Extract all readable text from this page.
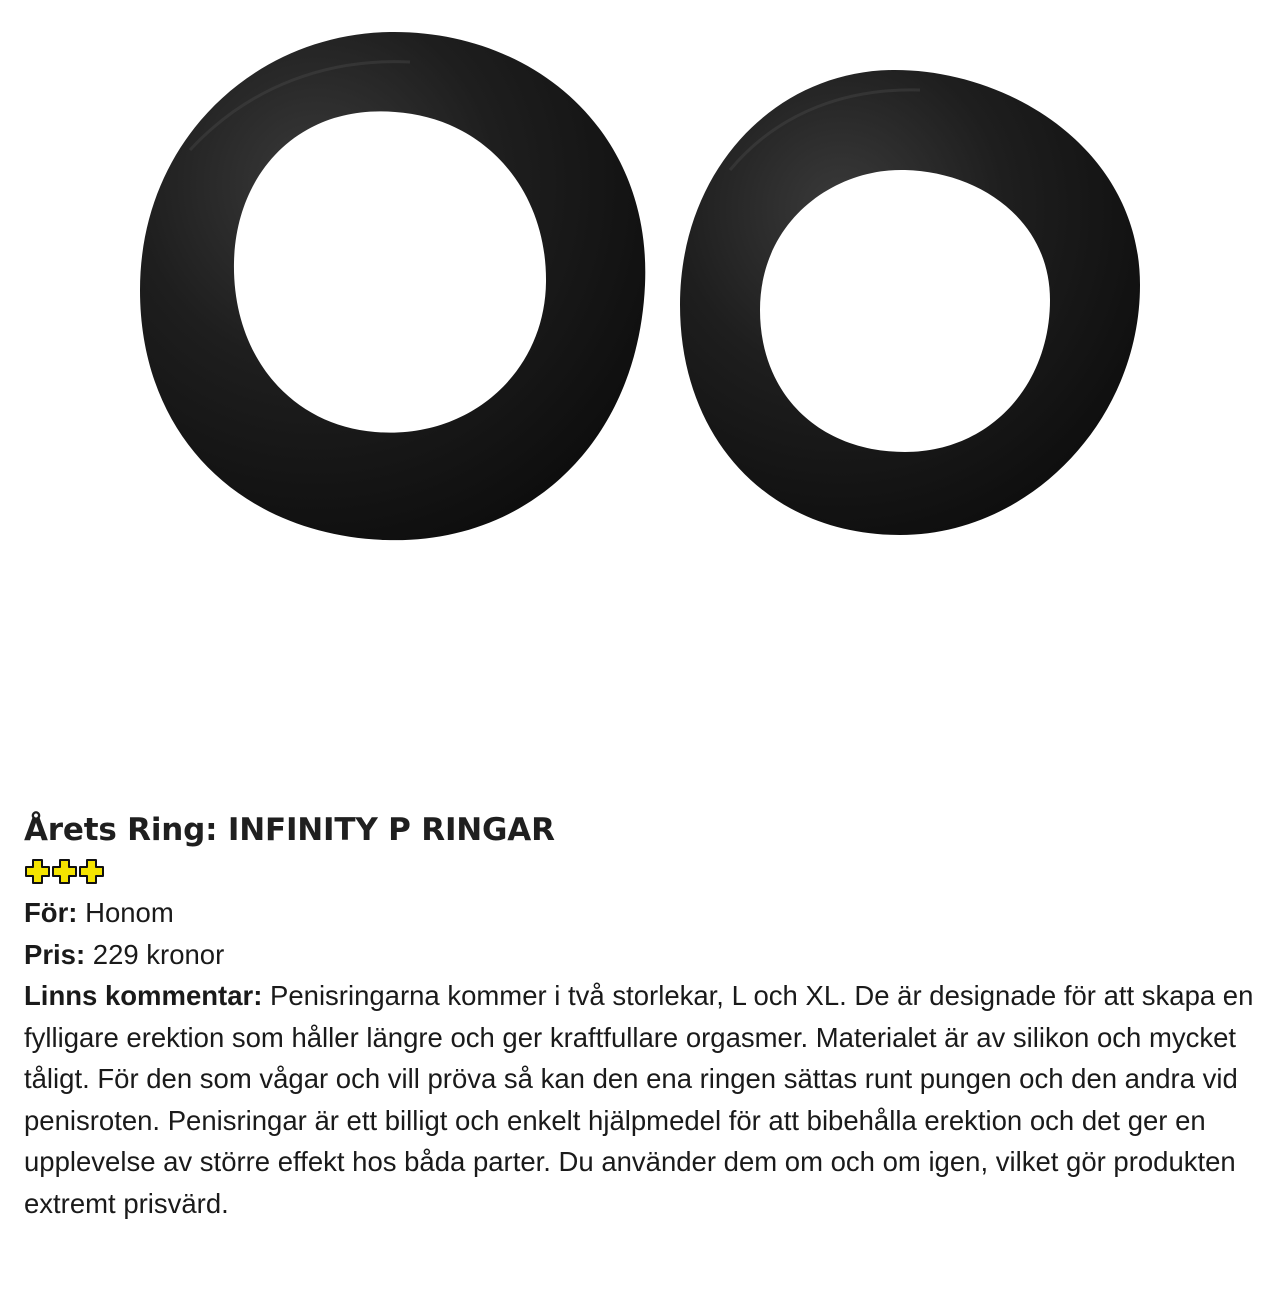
Årets Ring: INFINITY P RINGAR

För: Honom

Pris: 229 kronor

Linns kommentar: Penisringarna kommer i två storlekar, L och XL. De är designade för att skapa en fylligare erektion som håller längre och ger kraftfullare orgasmer. Materialet är av silikon och mycket tåligt. För den som vågar och vill pröva så kan den ena ringen sättas runt pungen och den andra vid penisroten. Penisringar är ett billigt och enkelt hjälpmedel för att bibehålla erektion och det ger en upplevelse av större effekt hos båda parter. Du använder dem om och om igen, vilket gör produkten extremt prisvärd.
